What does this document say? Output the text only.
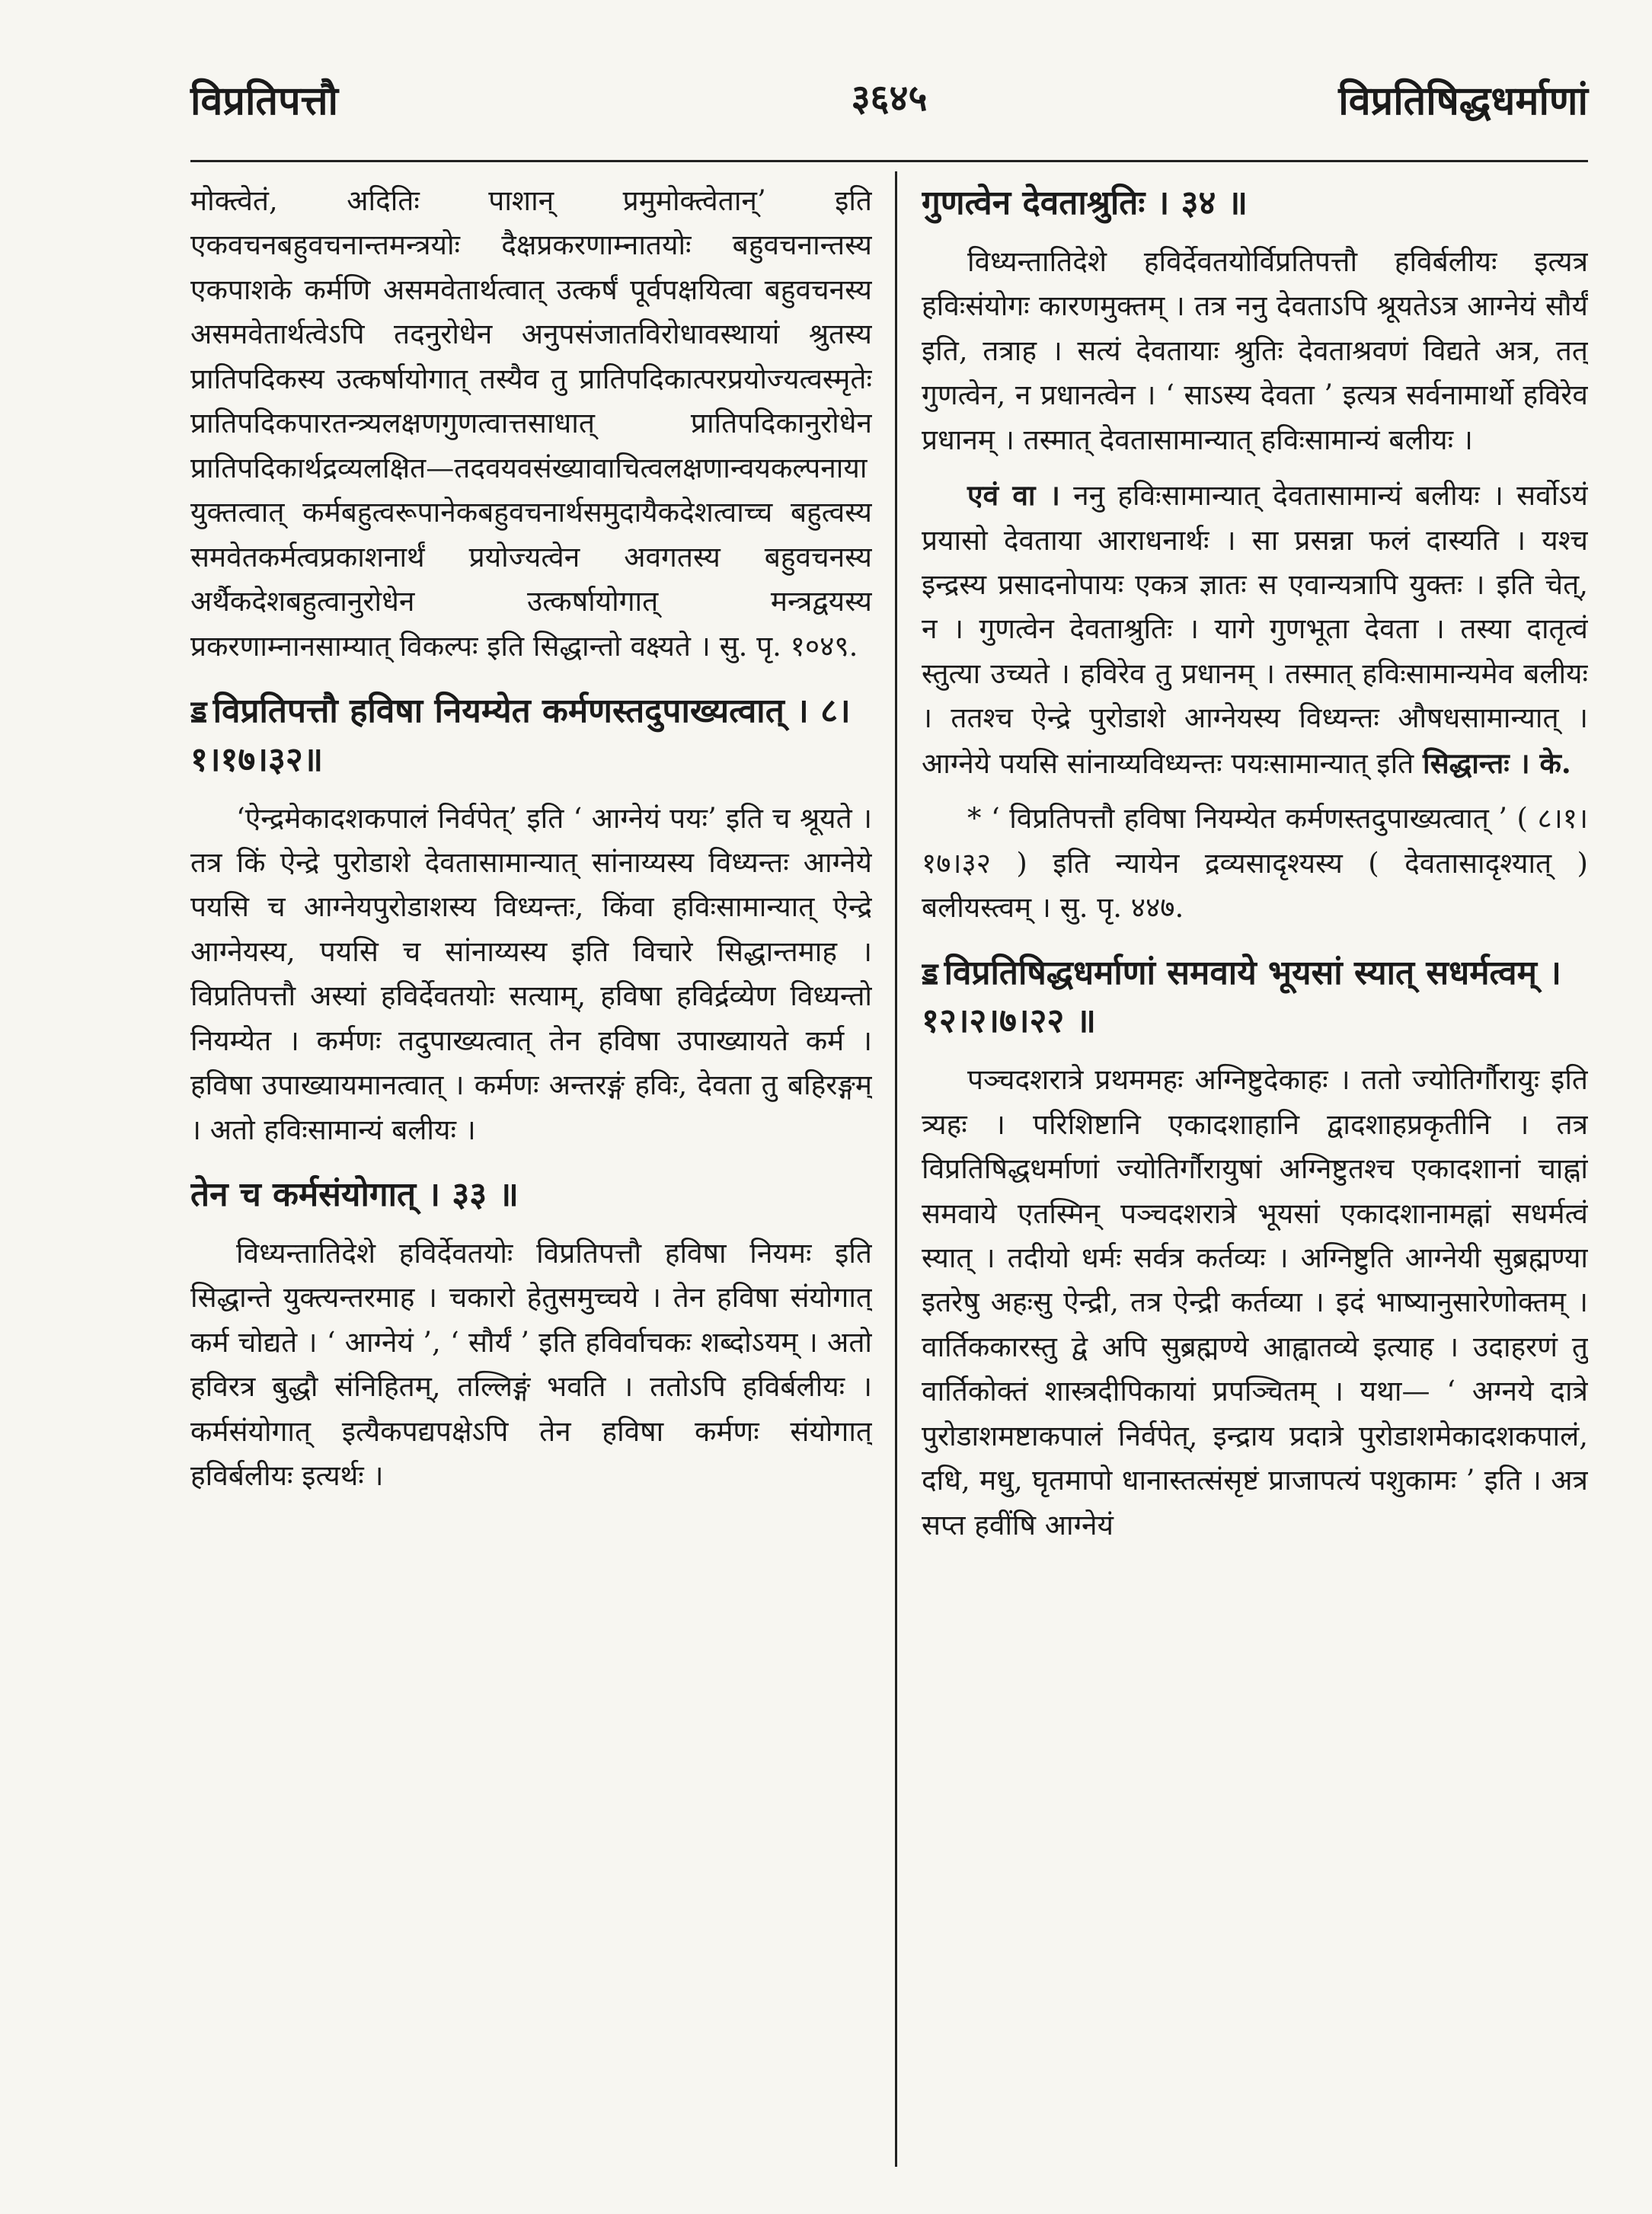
विप्रतिपत्तौ	३६४५	विप्रतिषिद्धधर्माणां

मोक्त्वेतं, अदितिः पाशान् प्रमुमोक्त्वेतान्’ इति एकवचनबहुवचनान्तमन्त्रयोः दैक्षप्रकरणाम्नातयोः बहुवचनान्तस्य एकपाशके कर्मणि असमवेतार्थत्वात् उत्कर्षं पूर्वपक्षयित्वा बहुवचनस्य असमवेतार्थत्वेऽपि तदनुरोधेन अनुपसंजातविरोधावस्थायां श्रुतस्य प्रातिपदिकस्य उत्कर्षायोगात् तस्यैव तु प्रातिपदिकात्परप्रयोज्यत्वस्मृतेः प्रातिपदिकपारतन्त्र्यलक्षणगुणत्वात्तसाधात् प्रातिपदिकानुरोधेन प्रातिपदिकार्थद्रव्यलक्षित—तदवयवसंख्यावाचित्वलक्षणान्वयकल्पनाया युक्तत्वात् कर्मबहुत्वरूपानेकबहुवचनार्थसमुदायैकदेशत्वाच्च बहुत्वस्य समवेतकर्मत्वप्रकाशनार्थं प्रयोज्यत्वेन अवगतस्य बहुवचनस्य अर्थैकदेशबहुत्वानुरोधेन उत्कर्षायोगात् मन्त्रद्वयस्य प्रकरणाम्नानसाम्यात् विकल्पः इति सिद्धान्तो वक्ष्यते । सु. पृ. १०४९.

ॾ विप्रतिपत्तौ हविषा नियम्येत कर्मणस्तदुपाख्यत्वात् । ८।१।१७।३२॥

‘ऐन्द्रमेकादशकपालं निर्वपेत्’ इति ‘ आग्नेयं पयः’ इति च श्रूयते । तत्र किं ऐन्द्रे पुरोडाशे देवतासामान्यात् सांनाय्यस्य विध्यन्तः आग्नेये पयसि च आग्नेयपुरोडाशस्य विध्यन्तः, किंवा हविःसामान्यात् ऐन्द्रे आग्नेयस्य, पयसि च सांनाय्यस्य इति विचारे सिद्धान्तमाह । विप्रतिपत्तौ अस्यां हविर्देवतयोः सत्याम्, हविषा हविर्द्रव्येण विध्यन्तो नियम्येत । कर्मणः तदुपाख्यत्वात् तेन हविषा उपाख्यायते कर्म । हविषा उपाख्यायमानत्वात् । कर्मणः अन्तरङ्गं हविः, देवता तु बहिरङ्गम् । अतो हविःसामान्यं बलीयः ।

तेन च कर्मसंयोगात् । ३३ ॥

विध्यन्तातिदेशे हविर्देवतयोः विप्रतिपत्तौ हविषा नियमः इति सिद्धान्ते युक्त्यन्तरमाह । चकारो हेतुसमुच्चये । तेन हविषा संयोगात् कर्म चोद्यते । ‘ आग्नेयं ’, ‘ सौर्यं ’ इति हविर्वाचकः शब्दोऽयम् । अतो हविरत्र बुद्धौ संनिहितम्, तल्लिङ्गं भवति । ततोऽपि हविर्बलीयः । कर्मसंयोगात् इत्यैकपद्यपक्षेऽपि तेन हविषा कर्मणः संयोगात् हविर्बलीयः इत्यर्थः ।

गुणत्वेन देवताश्रुतिः । ३४ ॥

विध्यन्तातिदेशे हविर्देवतयोर्विप्रतिपत्तौ हविर्बलीयः इत्यत्र हविःसंयोगः कारणमुक्तम् । तत्र ननु देवताऽपि श्रूयतेऽत्र आग्नेयं सौर्यं इति, तत्राह । सत्यं देवतायाः श्रुतिः देवताश्रवणं विद्यते अत्र, तत् गुणत्वेन, न प्रधानत्वेन । ‘ साऽस्य देवता ’ इत्यत्र सर्वनामार्थो हविरेव प्रधानम् । तस्मात् देवतासामान्यात् हविःसामान्यं बलीयः ।

एवं वा । ननु हविःसामान्यात् देवतासामान्यं बलीयः । सर्वोऽयं प्रयासो देवताया आराधनार्थः । सा प्रसन्ना फलं दास्यति । यश्च इन्द्रस्य प्रसादनोपायः एकत्र ज्ञातः स एवान्यत्रापि युक्तः । इति चेत्, न । गुणत्वेन देवताश्रुतिः । यागे गुणभूता देवता । तस्या दातृत्वं स्तुत्या उच्यते । हविरेव तु प्रधानम् । तस्मात् हविःसामान्यमेव बलीयः । ततश्च ऐन्द्रे पुरोडाशे आग्नेयस्य विध्यन्तः औषधसामान्यात् । आग्नेये पयसि सांनाय्यविध्यन्तः पयःसामान्यात् इति सिद्धान्तः । के.

* ‘ विप्रतिपत्तौ हविषा नियम्येत कर्मणस्तदुपाख्यत्वात् ’ ( ८।१।१७।३२ ) इति न्यायेन द्रव्यसादृश्यस्य ( देवतासादृश्यात् ) बलीयस्त्वम् । सु. पृ. ४४७.

ॾ विप्रतिषिद्धधर्माणां समवाये भूयसां स्यात् सधर्मत्वम् । १२।२।७।२२ ॥

पञ्चदशरात्रे प्रथममहः अग्निष्टुदेकाहः । ततो ज्योतिर्गौरायुः इति त्र्यहः । परिशिष्टानि एकादशाहानि द्वादशाहप्रकृतीनि । तत्र विप्रतिषिद्धधर्माणां ज्योतिर्गौरायुषां अग्निष्टुतश्च एकादशानां चाह्नां समवाये एतस्मिन् पञ्चदशरात्रे भूयसां एकादशानामह्नां सधर्मत्वं स्यात् । तदीयो धर्मः सर्वत्र कर्तव्यः । अग्निष्टुति आग्नेयी सुब्रह्मण्या इतरेषु अहःसु ऐन्द्री, तत्र ऐन्द्री कर्तव्या । इदं भाष्यानुसारेणोक्तम् । वार्तिककारस्तु द्वे अपि सुब्रह्मण्ये आह्वातव्ये इत्याह । उदाहरणं तु वार्तिकोक्तं शास्त्रदीपिकायां प्रपञ्चितम् । यथा— ‘ अग्नये दात्रे पुरोडाशमष्टाकपालं निर्वपेत्, इन्द्राय प्रदात्रे पुरोडाशमेकादशकपालं, दधि, मधु, घृतमापो धानास्तत्संसृष्टं प्राजापत्यं पशुकामः ’ इति । अत्र सप्त हवींषि आग्नेयं
